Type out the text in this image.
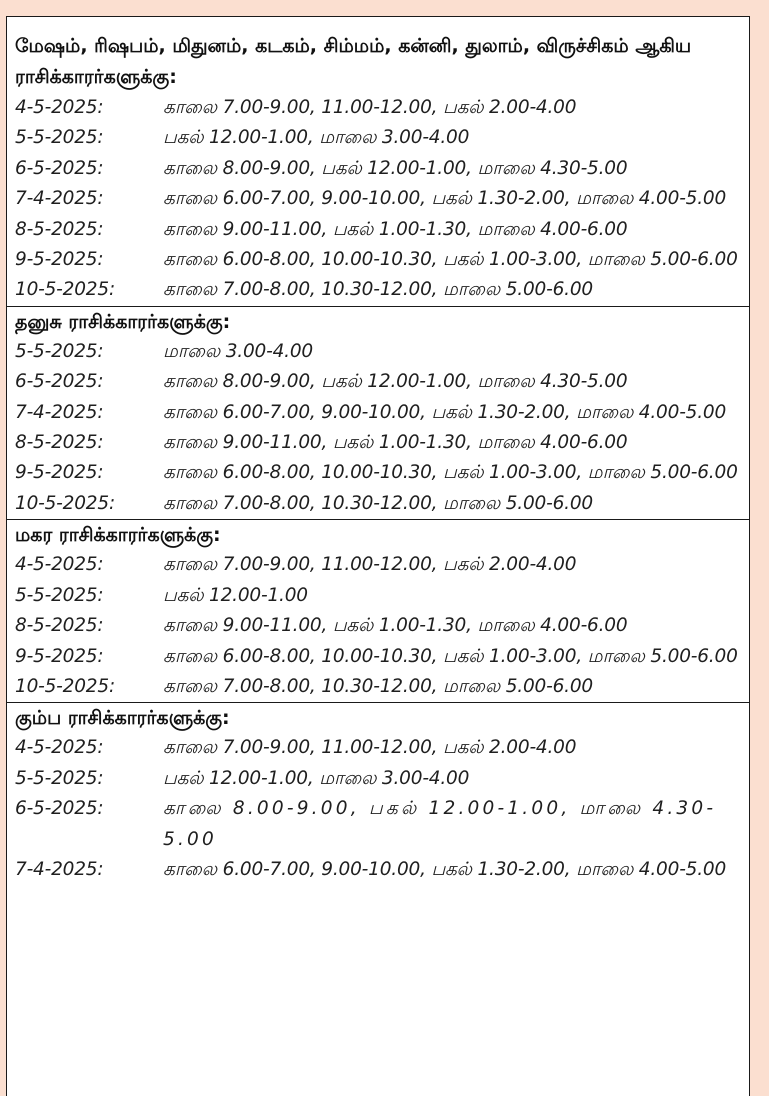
மேஷம், ரிஷபம், மிதுனம், கடகம், சிம்மம், கன்னி, துலாம், விருச்சிகம் ஆகிய ராசிக்காரர்களுக்கு:
4-5-2025:	காலை 7.00-9.00, 11.00-12.00, பகல் 2.00-4.00
5-5-2025:	பகல் 12.00-1.00, மாலை 3.00-4.00
6-5-2025:	காலை 8.00-9.00, பகல் 12.00-1.00, மாலை 4.30-5.00
7-4-2025:	காலை 6.00-7.00, 9.00-10.00, பகல் 1.30-2.00, மாலை 4.00-5.00
8-5-2025:	காலை 9.00-11.00, பகல் 1.00-1.30, மாலை 4.00-6.00
9-5-2025:	காலை 6.00-8.00, 10.00-10.30, பகல் 1.00-3.00, மாலை 5.00-6.00
10-5-2025:	காலை 7.00-8.00, 10.30-12.00, மாலை 5.00-6.00
தனுசு ராசிக்காரர்களுக்கு:
5-5-2025:	மாலை 3.00-4.00
6-5-2025:	காலை 8.00-9.00, பகல் 12.00-1.00, மாலை 4.30-5.00
7-4-2025:	காலை 6.00-7.00, 9.00-10.00, பகல் 1.30-2.00, மாலை 4.00-5.00
8-5-2025:	காலை 9.00-11.00, பகல் 1.00-1.30, மாலை 4.00-6.00
9-5-2025:	காலை 6.00-8.00, 10.00-10.30, பகல் 1.00-3.00, மாலை 5.00-6.00
10-5-2025:	காலை 7.00-8.00, 10.30-12.00, மாலை 5.00-6.00
மகர ராசிக்காரர்களுக்கு:
4-5-2025:	காலை 7.00-9.00, 11.00-12.00, பகல் 2.00-4.00
5-5-2025:	பகல் 12.00-1.00
8-5-2025:	காலை 9.00-11.00, பகல் 1.00-1.30, மாலை 4.00-6.00
9-5-2025:	காலை 6.00-8.00, 10.00-10.30, பகல் 1.00-3.00, மாலை 5.00-6.00
10-5-2025:	காலை 7.00-8.00, 10.30-12.00, மாலை 5.00-6.00
கும்ப ராசிக்காரர்களுக்கு:
4-5-2025:	காலை 7.00-9.00, 11.00-12.00, பகல் 2.00-4.00
5-5-2025:	பகல் 12.00-1.00, மாலை 3.00-4.00
6-5-2025:	காலை 8.00-9.00, பகல் 12.00-1.00, மாலை 4.30-5.00
7-4-2025:	காலை 6.00-7.00, 9.00-10.00, பகல் 1.30-2.00, மாலை 4.00-5.00
